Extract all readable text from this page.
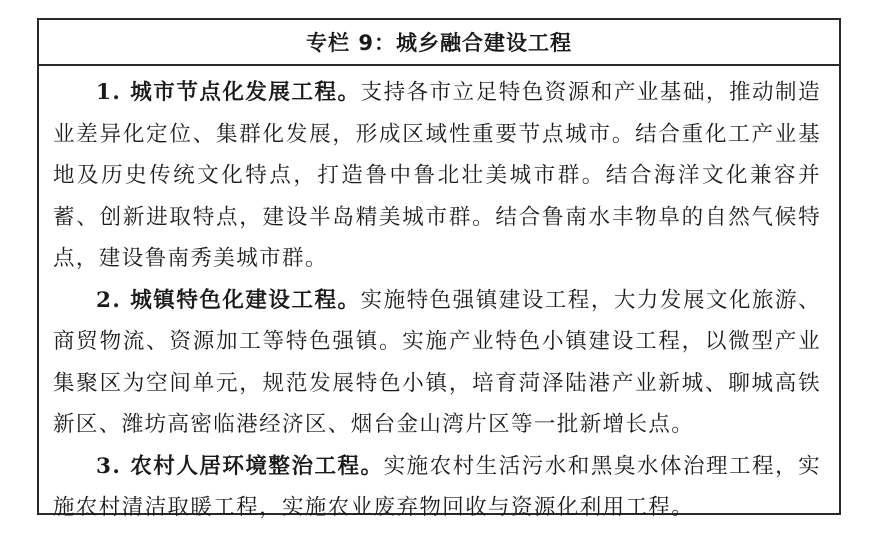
专栏 9：城乡融合建设工程

1. 城市节点化发展工程。支持各市立足特色资源和产业基础，推动制造业差异化定位、集群化发展，形成区域性重要节点城市。结合重化工产业基地及历史传统文化特点，打造鲁中鲁北壮美城市群。结合海洋文化兼容并蓄、创新进取特点，建设半岛精美城市群。结合鲁南水丰物阜的自然气候特点，建设鲁南秀美城市群。

2. 城镇特色化建设工程。实施特色强镇建设工程，大力发展文化旅游、商贸物流、资源加工等特色强镇。实施产业特色小镇建设工程，以微型产业集聚区为空间单元，规范发展特色小镇，培育菏泽陆港产业新城、聊城高铁新区、潍坊高密临港经济区、烟台金山湾片区等一批新增长点。

3. 农村人居环境整治工程。实施农村生活污水和黑臭水体治理工程，实施农村清洁取暖工程，实施农业废弃物回收与资源化利用工程。
